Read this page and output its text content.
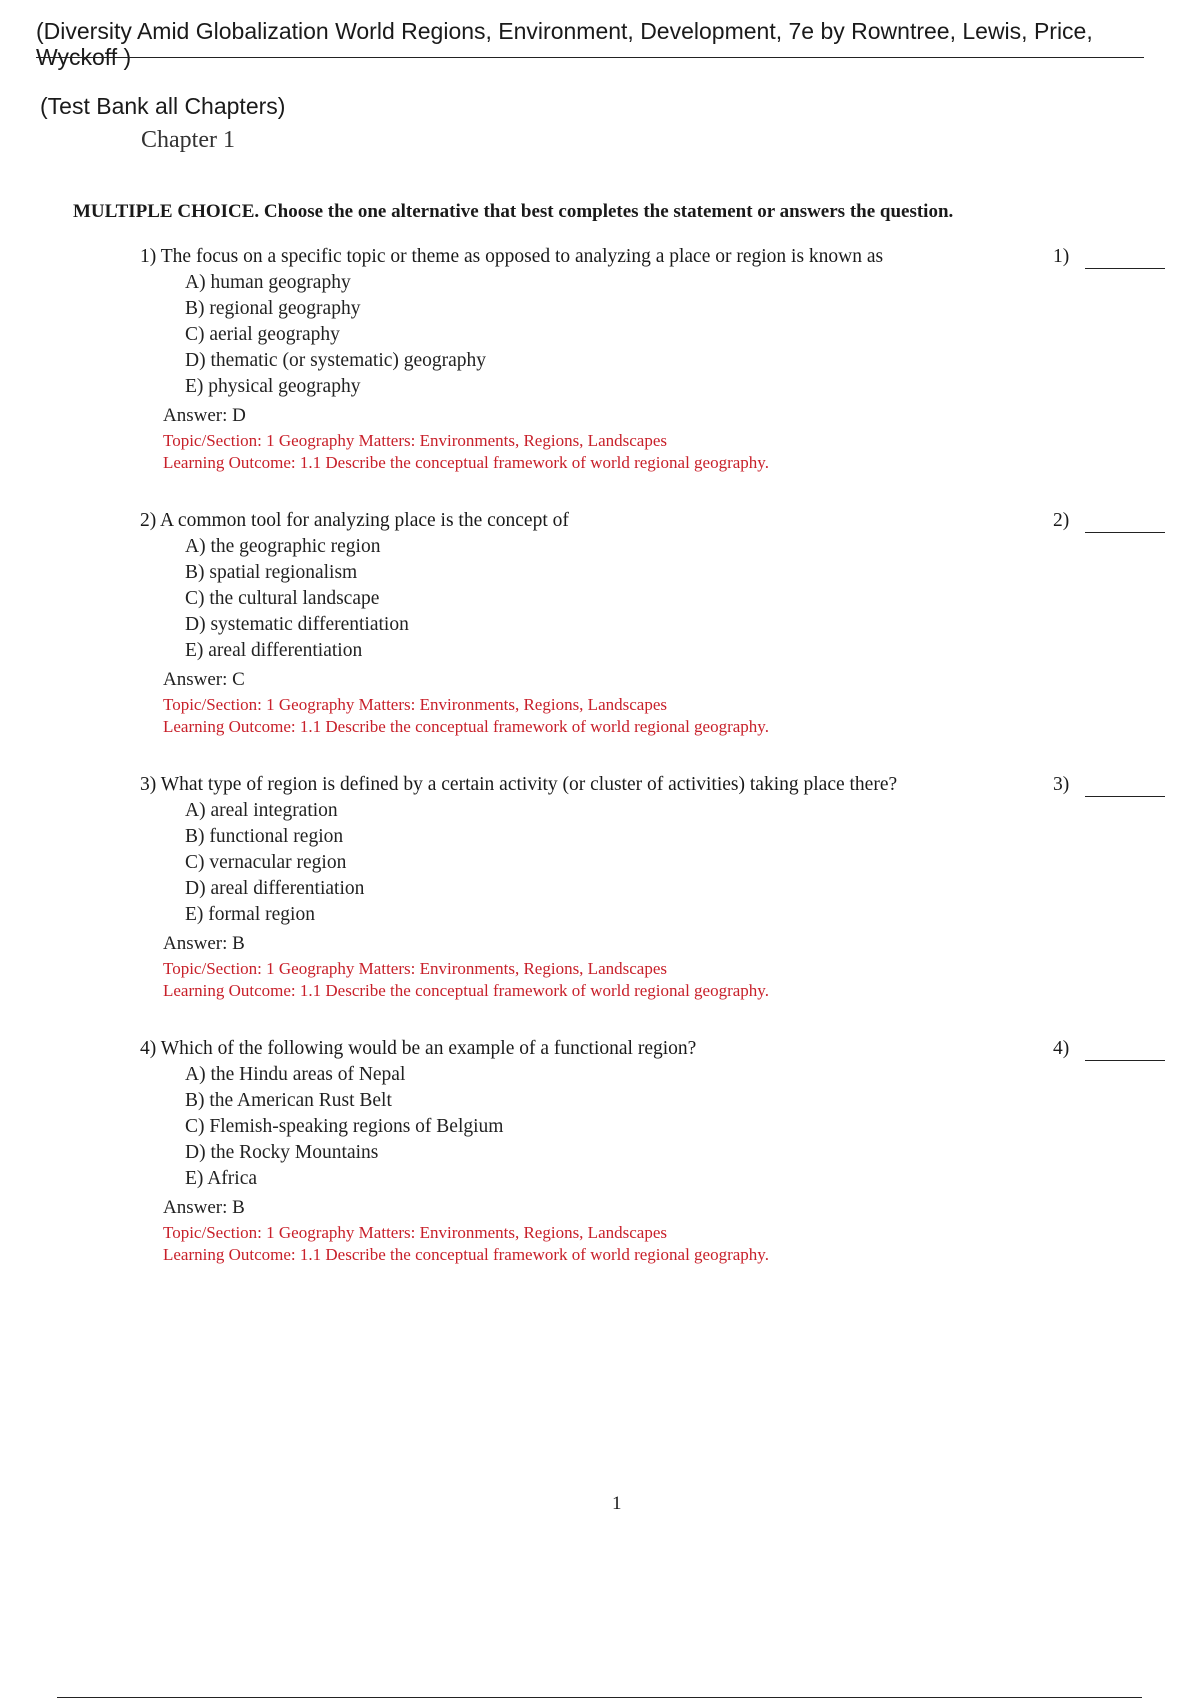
(Diversity Amid Globalization World Regions, Environment, Development, 7e by Rowntree, Lewis, Price, Wyckoff )
(Test Bank all Chapters)
Chapter 1
MULTIPLE CHOICE. Choose the one alternative that best completes the statement or answers the question.
1) The focus on a specific topic or theme as opposed to analyzing a place or region is known as	1)
A) human geography
B) regional geography
C) aerial geography
D) thematic (or systematic) geography
E) physical geography
Answer: D
Topic/Section: 1 Geography Matters: Environments, Regions, Landscapes
Learning Outcome: 1.1 Describe the conceptual framework of world regional geography.
2) A common tool for analyzing place is the concept of	2)
A) the geographic region
B) spatial regionalism
C) the cultural landscape
D) systematic differentiation
E) areal differentiation
Answer: C
Topic/Section: 1 Geography Matters: Environments, Regions, Landscapes
Learning Outcome: 1.1 Describe the conceptual framework of world regional geography.
3) What type of region is defined by a certain activity (or cluster of activities) taking place there?	3)
A) areal integration
B) functional region
C) vernacular region
D) areal differentiation
E) formal region
Answer: B
Topic/Section: 1 Geography Matters: Environments, Regions, Landscapes
Learning Outcome: 1.1 Describe the conceptual framework of world regional geography.
4) Which of the following would be an example of a functional region?	4)
A) the Hindu areas of Nepal
B) the American Rust Belt
C) Flemish-speaking regions of Belgium
D) the Rocky Mountains
E) Africa
Answer: B
Topic/Section: 1 Geography Matters: Environments, Regions, Landscapes
Learning Outcome: 1.1 Describe the conceptual framework of world regional geography.
1
